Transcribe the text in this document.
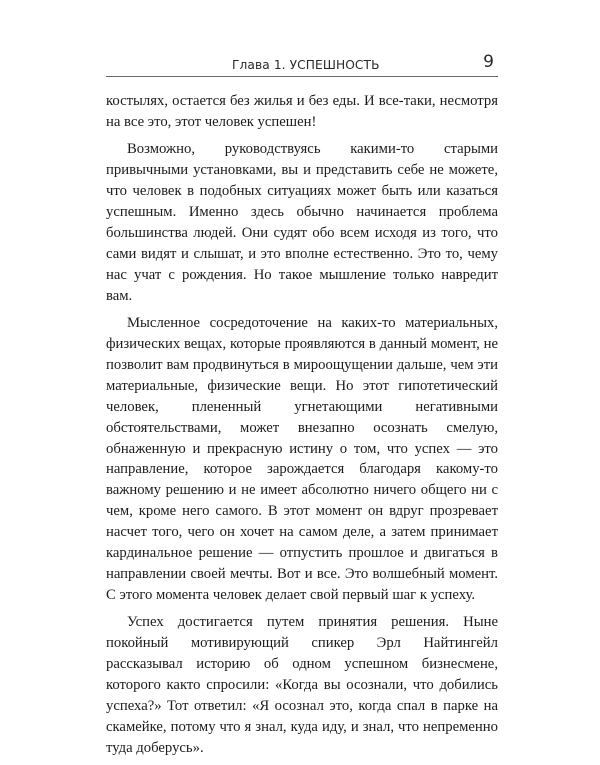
Глава 1. УСПЕШНОСТЬ	9

костылях, остается без жилья и без еды. И все-таки, несмотря на все это, этот человек успешен!

Возможно, руководствуясь какими-то старыми привычными установками, вы и представить себе не можете, что человек в подобных ситуациях может быть или казаться успешным. Именно здесь обычно начинается проблема большинства людей. Они судят обо всем исходя из того, что сами видят и слышат, и это вполне естественно. Это то, чему нас учат с рождения. Но такое мышление только навредит вам.

Мысленное сосредоточение на каких-то материальных, физических вещах, которые проявляются в данный момент, не позволит вам продвинуться в мироощущении дальше, чем эти материальные, физические вещи. Но этот гипотетический человек, плененный угнетающими негативными обстоятельствами, может внезапно осознать смелую, обнаженную и прекрасную истину о том, что успех — это направление, которое зарождается благодаря какому-то важному решению и не имеет абсолютно ничего общего ни с чем, кроме него самого. В этот момент он вдруг прозревает насчет того, чего он хочет на самом деле, а затем принимает кардинальное решение — отпустить прошлое и двигаться в направлении своей мечты. Вот и все. Это волшебный момент. С этого момента человек делает свой первый шаг к успеху.

Успех достигается путем принятия решения. Ныне покойный мотивирующий спикер Эрл Найтингейл рассказывал историю об одном успешном бизнесмене, которого както спросили: «Когда вы осознали, что добились успеха?» Тот ответил: «Я осознал это, когда спал в парке на скамейке, потому что я знал, куда иду, и знал, что непременно туда доберусь».
